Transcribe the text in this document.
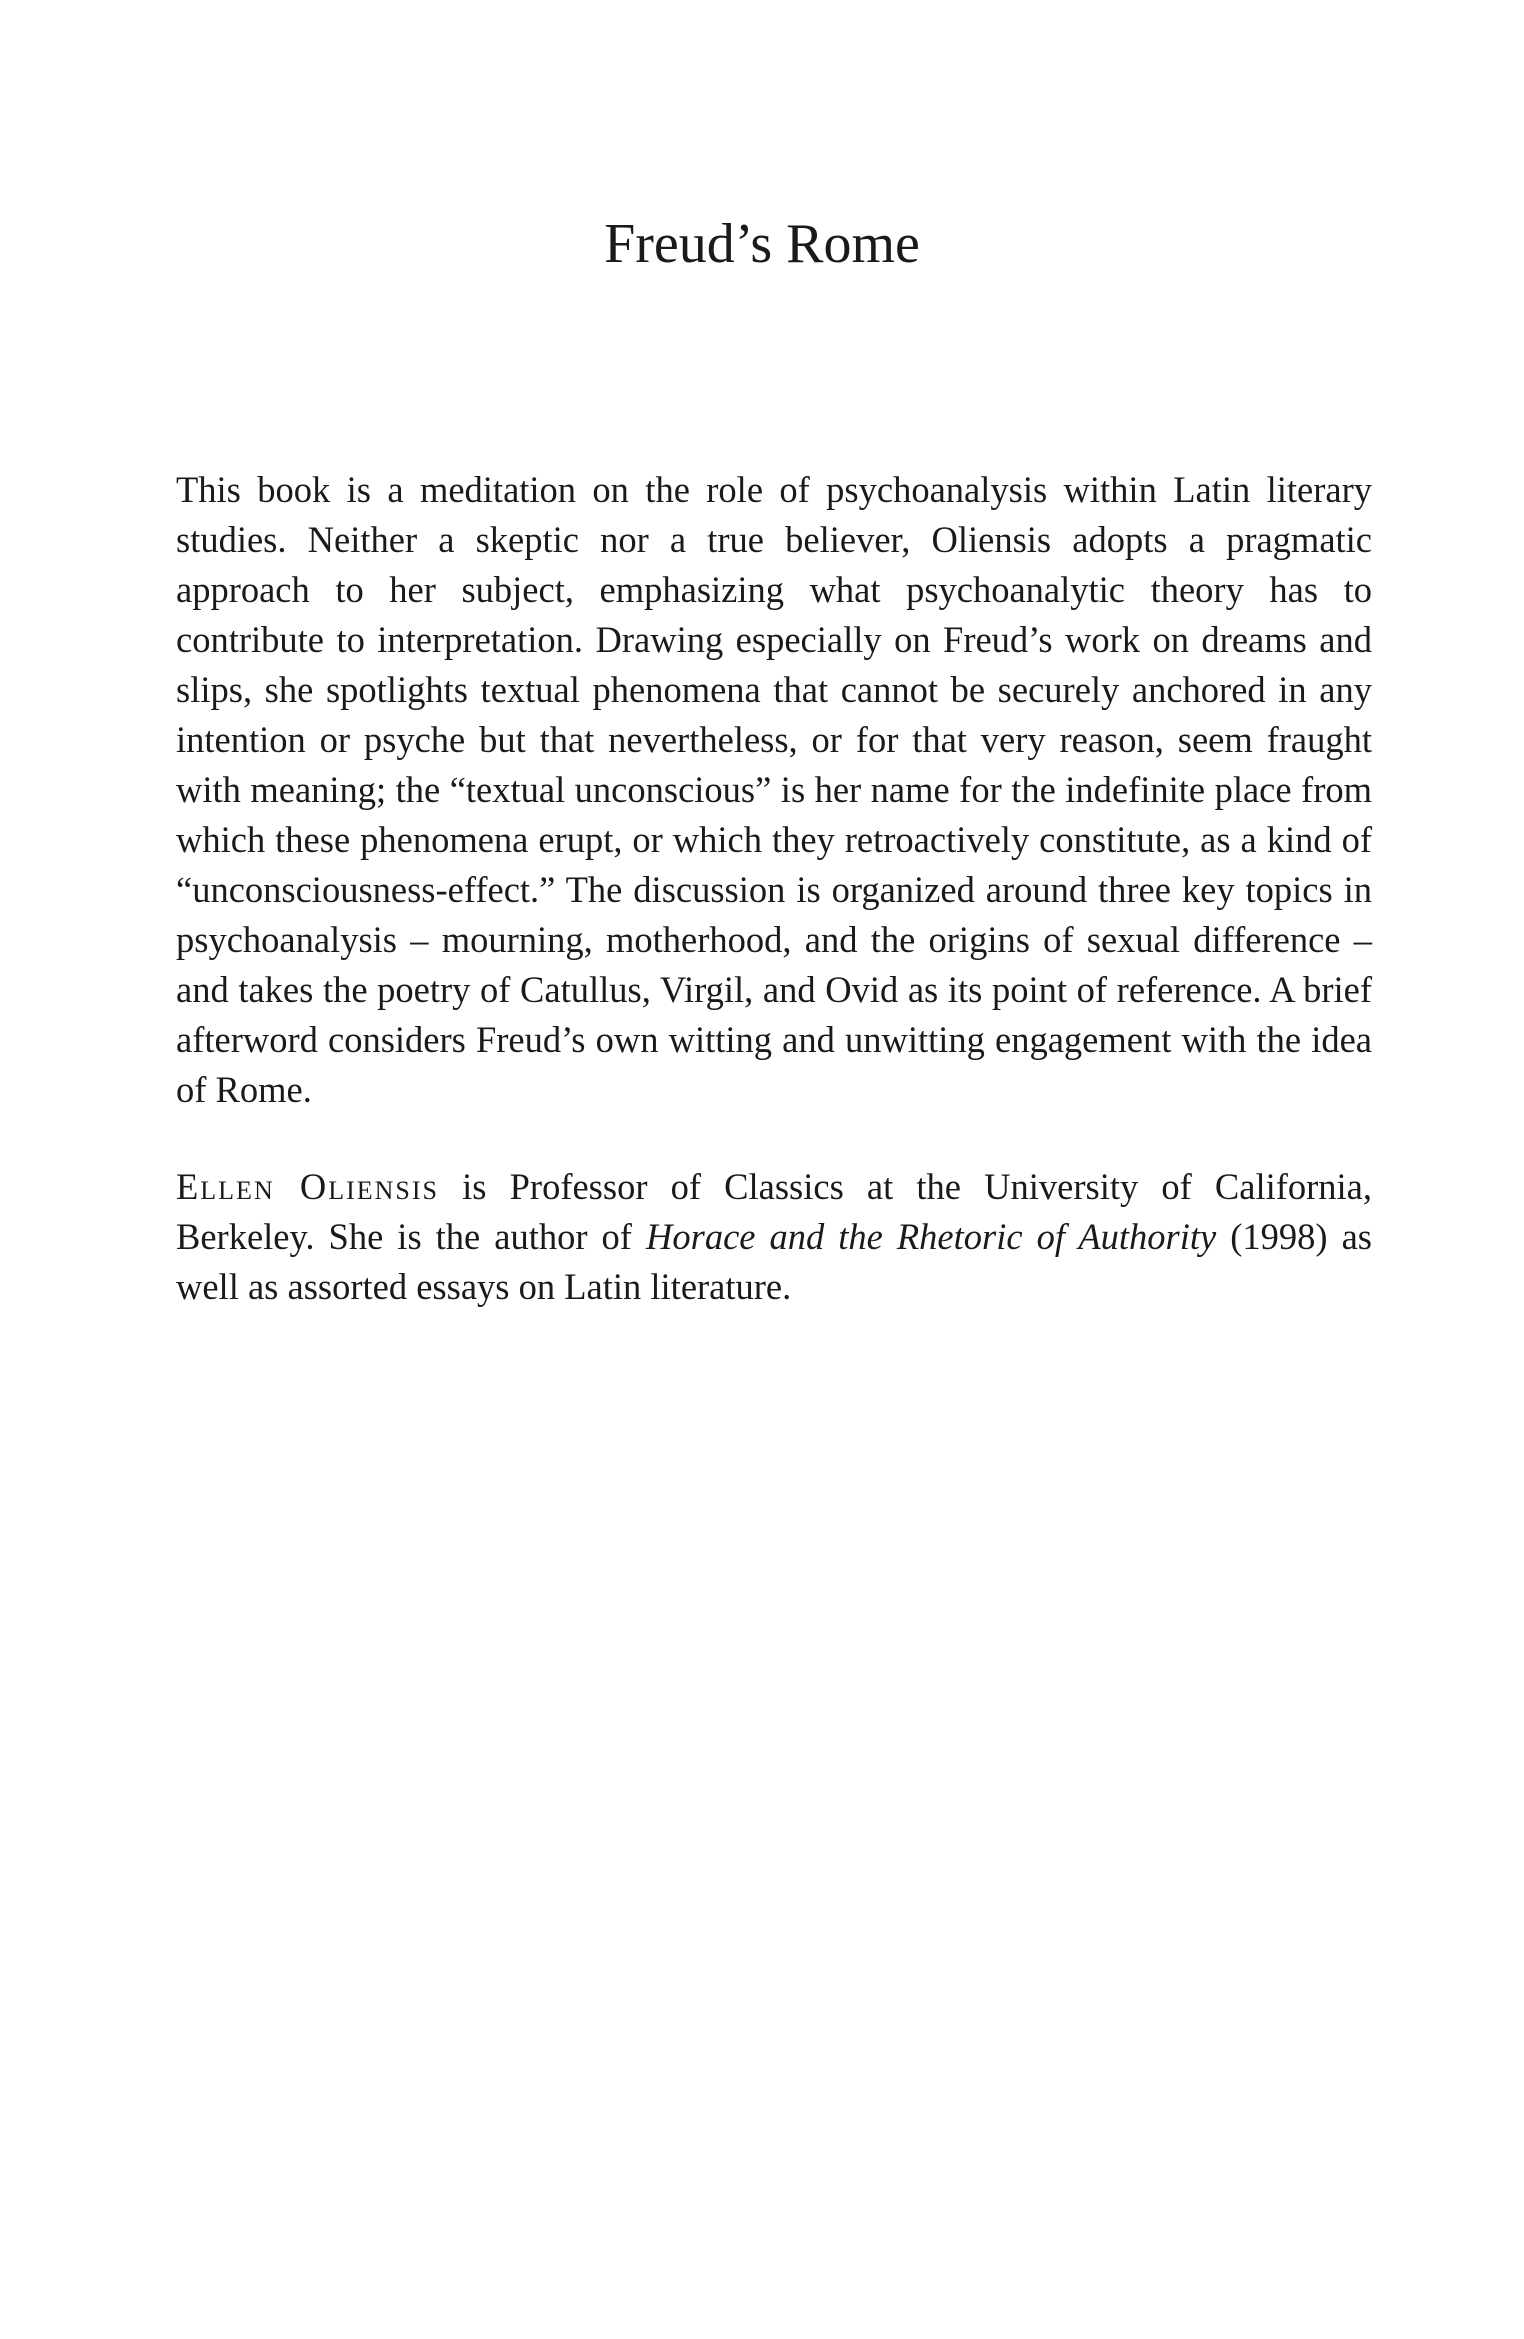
Freud’s Rome

This book is a meditation on the role of psychoanalysis within Latin literary studies. Neither a skeptic nor a true believer, Oliensis adopts a pragmatic approach to her subject, emphasizing what psychoanalytic theory has to contribute to interpretation. Drawing especially on Freud’s work on dreams and slips, she spotlights textual phenomena that cannot be securely anchored in any intention or psyche but that nevertheless, or for that very reason, seem fraught with meaning; the “textual unconscious” is her name for the indefinite place from which these phenomena erupt, or which they retroactively constitute, as a kind of “unconsciousness-effect.” The discussion is organized around three key topics in psychoanalysis – mourning, motherhood, and the origins of sexual difference – and takes the poetry of Catullus, Virgil, and Ovid as its point of reference. A brief afterword considers Freud’s own witting and unwitting engagement with the idea of Rome.

Ellen Oliensis is Professor of Classics at the University of California, Berkeley. She is the author of Horace and the Rhetoric of Authority (1998) as well as assorted essays on Latin literature.
